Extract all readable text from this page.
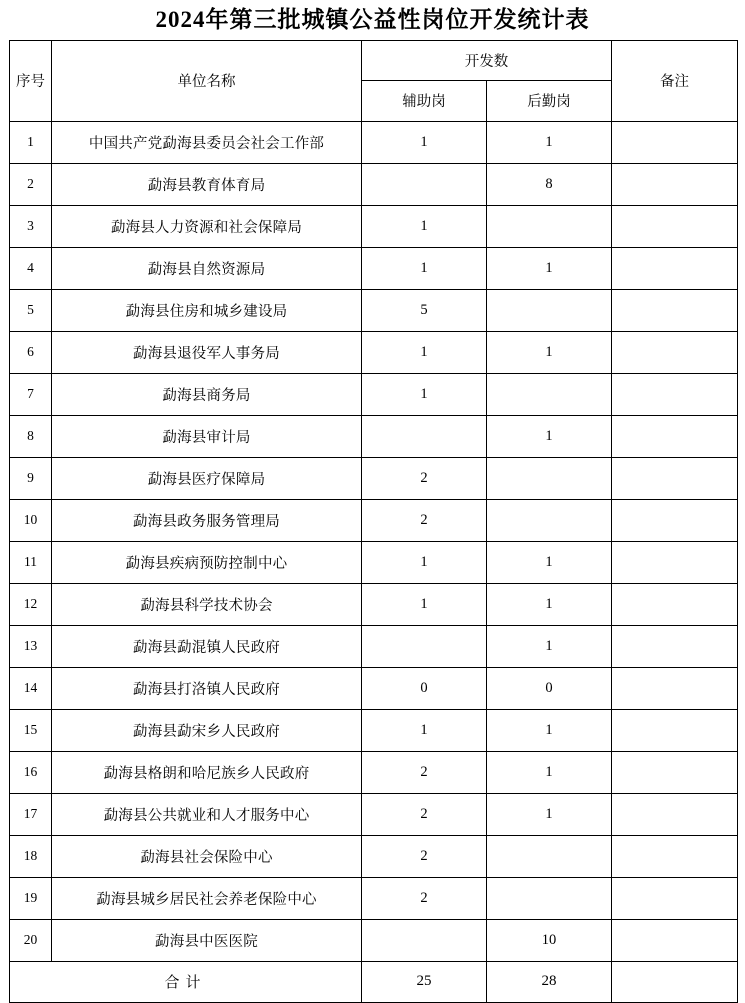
2024年第三批城镇公益性岗位开发统计表
序号	单位名称	开发数		备注
		辅助岗	后勤岗	
1	中国共产党勐海县委员会社会工作部	1	1	
2	勐海县教育体育局		8	
3	勐海县人力资源和社会保障局	1		
4	勐海县自然资源局	1	1	
5	勐海县住房和城乡建设局	5		
6	勐海县退役军人事务局	1	1	
7	勐海县商务局	1		
8	勐海县审计局		1	
9	勐海县医疗保障局	2		
10	勐海县政务服务管理局	2		
11	勐海县疾病预防控制中心	1	1	
12	勐海县科学技术协会	1	1	
13	勐海县勐混镇人民政府		1	
14	勐海县打洛镇人民政府	0	0	
15	勐海县勐宋乡人民政府	1	1	
16	勐海县格朗和哈尼族乡人民政府	2	1	
17	勐海县公共就业和人才服务中心	2	1	
18	勐海县社会保险中心	2		
19	勐海县城乡居民社会养老保险中心	2		
20	勐海县中医医院		10	
合计		25	28	
